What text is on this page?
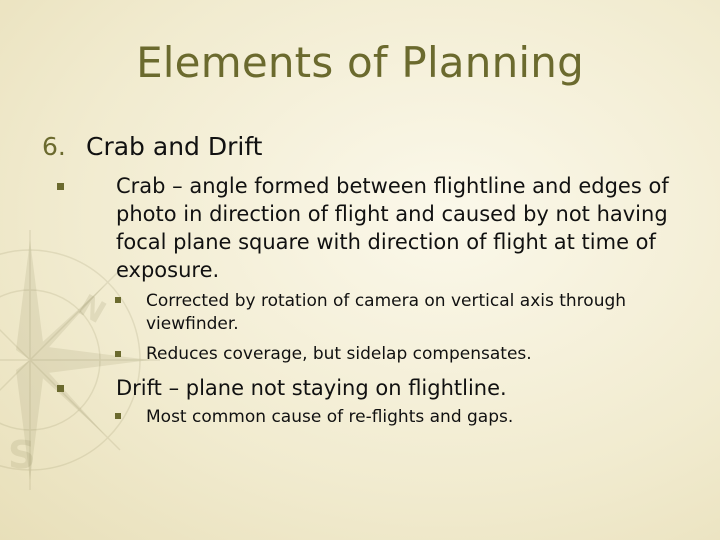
S
N
Elements of Planning
6. Crab and Drift
Crab – angle formed between flightline and edges of photo in direction of flight and caused by not having focal plane square with direction of flight at time of exposure.
Corrected by rotation of camera on vertical axis through viewfinder.
Reduces coverage, but sidelap compensates.
Drift – plane not staying on flightline.
Most common cause of re-flights and gaps.
